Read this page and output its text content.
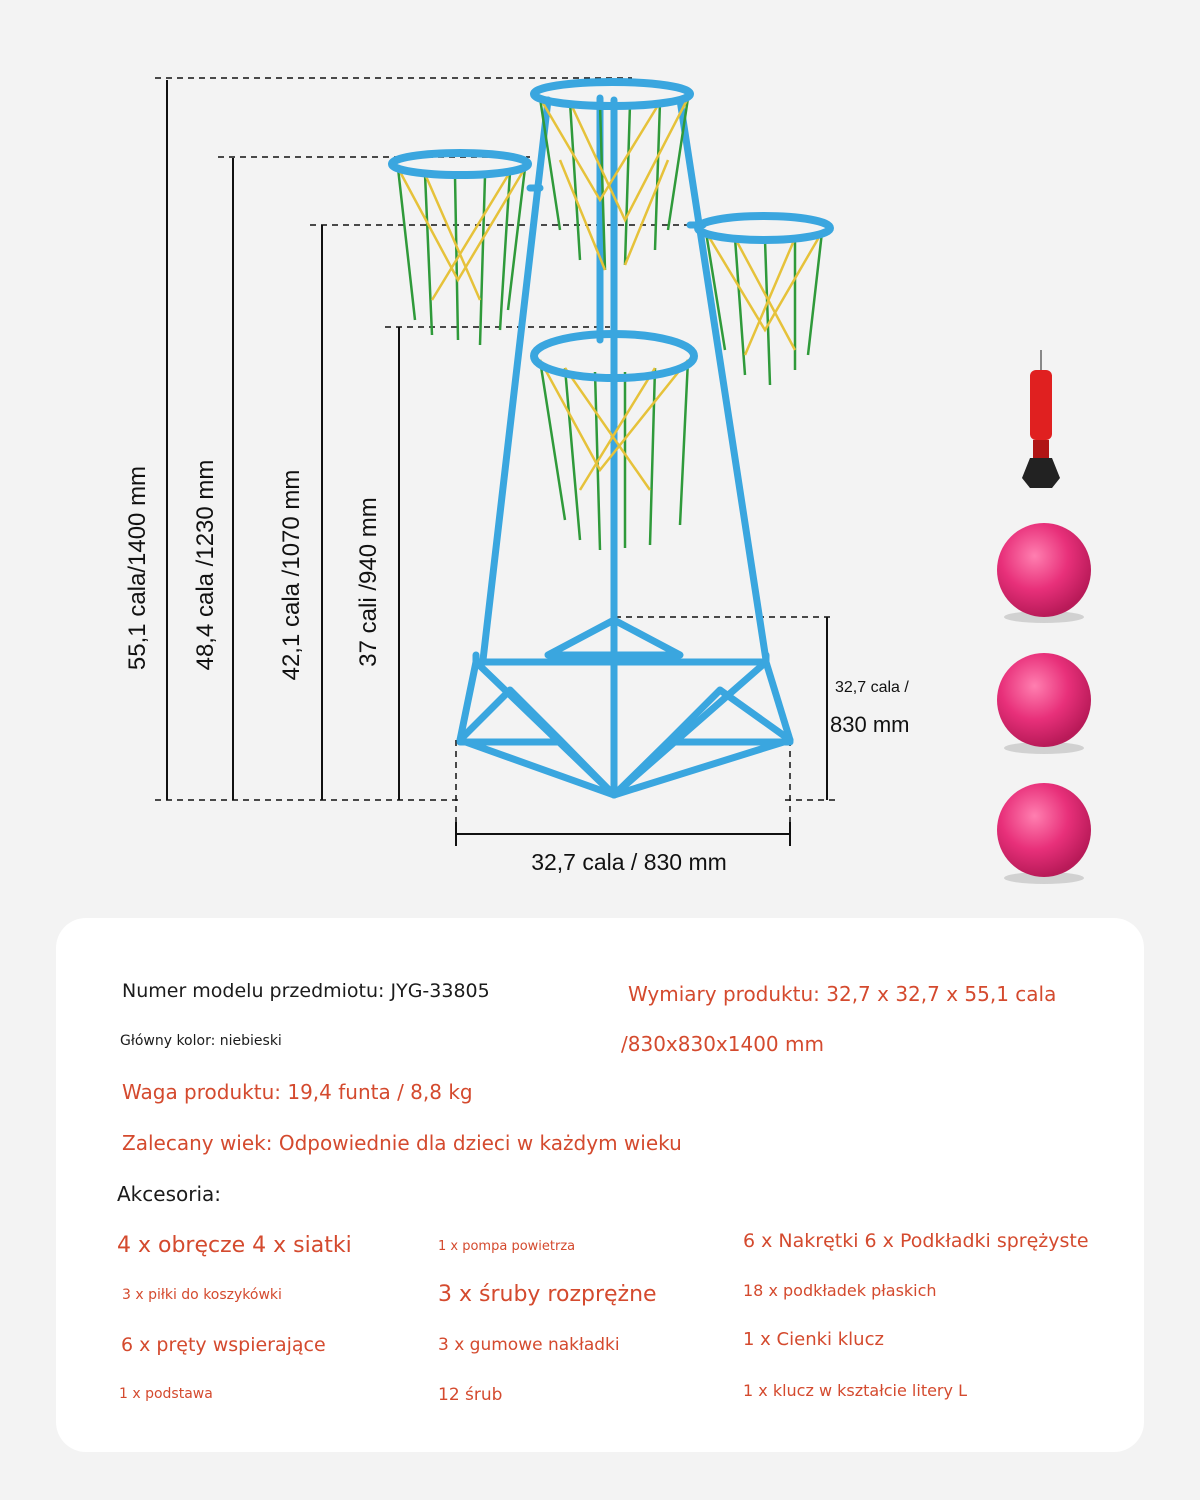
55,1 cala/1400 mm 48,4 cala /1230 mm 42,1 cala /1070 mm 37 cali /940 mm
32,7 cala /
830 mm
32,7 cala / 830 mm
Numer modelu przedmiotu: JYG-33805	Wymiary produktu: 32,7 x 32,7 x 55,1 cala
Główny kolor: niebieski	/830x830x1400 mm
Waga produktu: 19,4 funta / 8,8 kg
Zalecany wiek: Odpowiednie dla dzieci w każdym wieku
Akcesoria:
4 x obręcze 4 x siatki
3 x piłki do koszykówki
6 x pręty wspierające
1 x podstawa
1 x pompa powietrza
3 x śruby rozprężne
3 x gumowe nakładki
12 śrub
6 x Nakrętki 6 x Podkładki sprężyste
18 x podkładek płaskich
1 x Cienki klucz
1 x klucz w kształcie litery L
